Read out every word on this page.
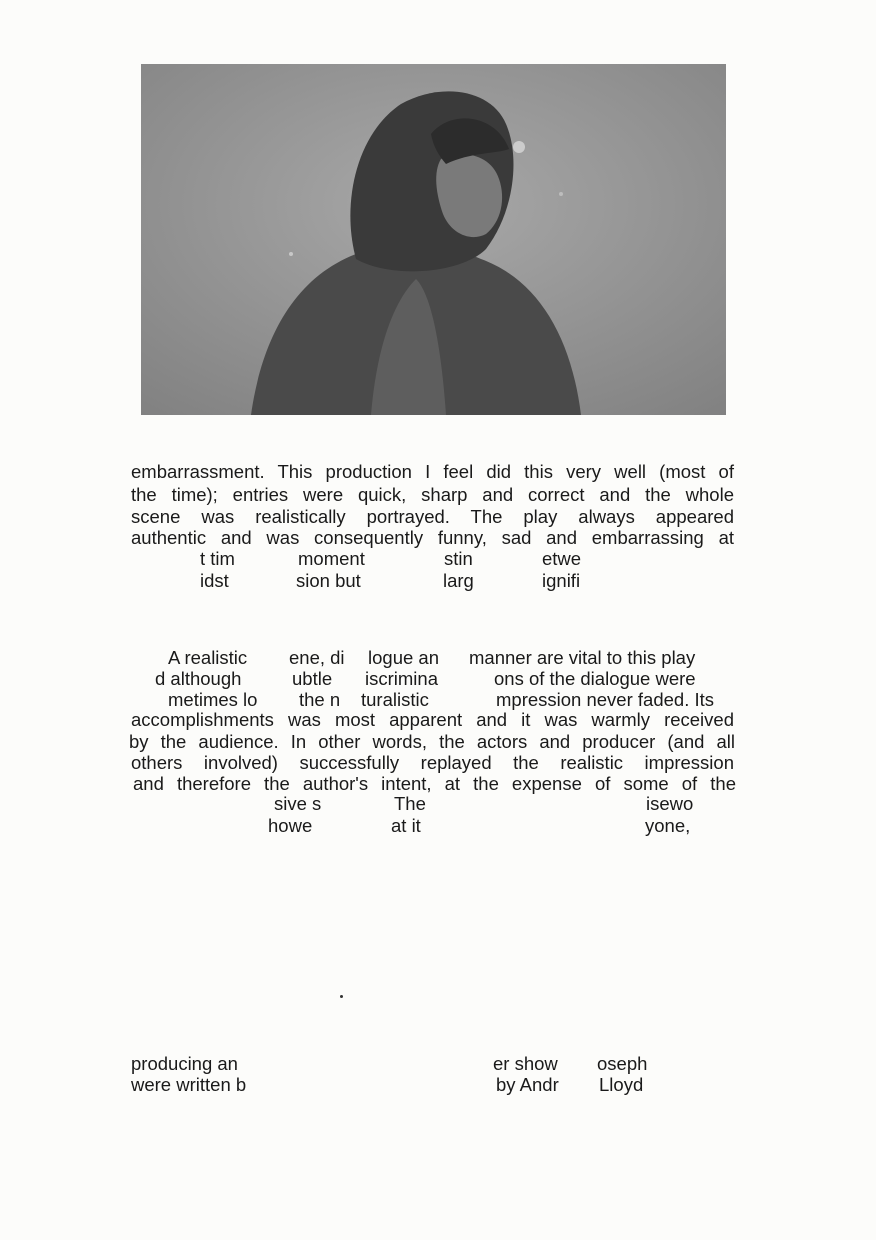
embarrassment. This production I feel did this very well (most of
the time); entries were quick, sharp and correct and the whole
scene was realistically portrayed. The play always appeared
authentic and was consequently funny, sad and embarrassing at
t tim	moment	stin	etwe
idst	sion but	larg	ignifi
A realistic ene, di logue an manner are vital to this play
d although	ubtle iscrimina	ons of the dialogue were
metimes lo the n turalistic	mpression never faded. Its
accomplishments was most apparent and it was warmly received
by the audience. In other words, the actors and producer (and all
others involved) successfully replayed the realistic impression
and therefore the author's intent, at the expense of some of the
sive s	The	isewo
howe	at it	yone,
producing an	er show oseph
were written b	by Andr Lloyd
